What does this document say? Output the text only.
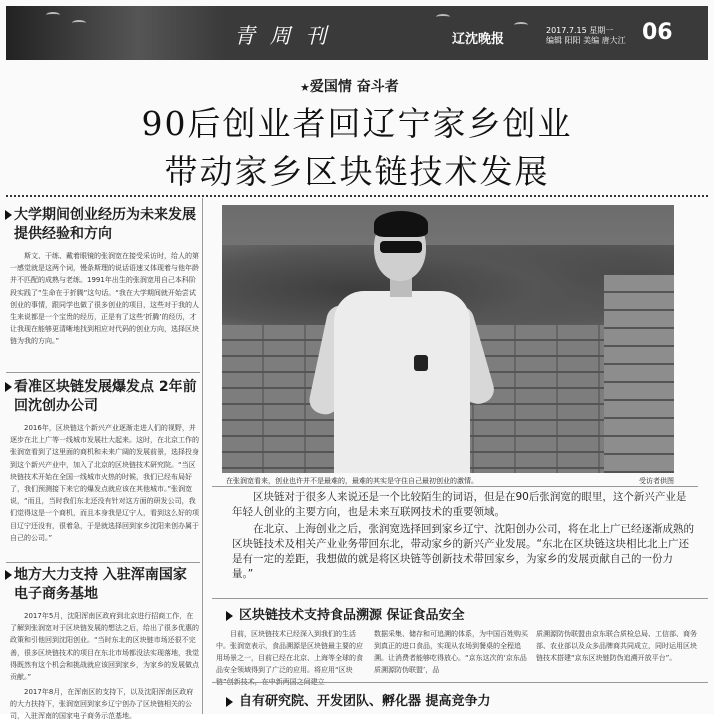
青 周 刊	辽沈晚报
2017.7.15 星期一
编辑 阳阳 美编 唐大江 06
★爱国情 奋斗者
90后创业者回辽宁家乡创业
带动家乡区块链技术发展
大学期间创业经历为未来发展提供经验和方向
斯文、干练、戴着眼镜的张润宽在接受采访时，给人的第一感觉就是这两个词，慢条斯理的说话语速又体现着与他年龄并不匹配的成熟与老练。1991年出生的张润宽用自己本科阶段实践了“生命在于折腾”这句话。“我在大学期间就开始尝试创业的事情，跟同学也做了很多创业的项目，这些对于我的人生来说都是一个宝贵的经历，正是有了这些‘折腾’的经历，才让我现在能够更清晰地找到相应对代码的创业方向，选择区块链为我的方向。”
看准区块链发展爆发点 2年前回沈创办公司
2016年，区块链这个新兴产业逐渐走进人们的视野，并逐步在北上广等一线城市发展壮大起来。这时，在北京工作的张润宽看到了这里面的商机和未来广阔的发展前景，选择投身到这个新兴产业中，加入了北京的区块链技术研究院。“当区块链技术开始在全国一线城市火热的时候，我们已经布局好了，我们预测接下来它的爆发点就应该在其他城市。”张润宽说，“而且，当时我们东北还没有针对这方面的研发公司，我们觉得这是一个商机，而且本身我是辽宁人，看到这么好的项目辽宁还没有，很着急，于是就选择回到家乡沈阳来创办属于自己的公司。”
地方大力支持 入驻浑南国家电子商务基地
2017年5月，沈阳浑南区政府到北京进行招商工作，在了解到张润宽对于区块链发展的想法之后，给出了很多优惠的政策和引他回到沈阳创业。“当时东北的区块链市场还很不完善，很多区块链技术的项目在东北市场都没法实现落地，我觉得既然有这个机会和挑战就应该回到家乡，为家乡的发展做点贡献。”
2017年8月，在浑南区的支持下，以及沈阳浑南区政府的大力扶持下，张润宽回到家乡辽宁创办了区块链相关的公司，入驻浑南的国家电子商务示范基地。
在张润宽看来，创业也许并不是最难的，最难的其实是守住自己最初创业的激情。	受访者供图
区块链对于很多人来说还是一个比较陌生的词语，但是在90后张润宽的眼里，这个新兴产业是年轻人创业的主要方向，也是未来互联网技术的重要领域。
在北京、上海创业之后，张润宽选择回到家乡辽宁、沈阳创办公司，将在北上广已经逐渐成熟的区块链技术及相关产业业务带回东北，带动家乡的新兴产业发展。“东北在区块链这块相比北上广还是有一定的差距，我想做的就是将区块链等创新技术带回家乡，为家乡的发展贡献自己的一份力量。”
区块链技术支持食品溯源 保证食品安全
目前，区块链技术已经深入到我们的生活中。张润宽表示，食品溯源是区块链最主要的应用场景之一，目前已经在北京、上海等全球的食品安全领域得到了广泛的应用。将应用“区块链”创新技术，在中新两国之间建立
数据采集、储存和可追溯的体系，为中国百姓购买到真正的进口食品，实现从农场到餐桌的全程追溯。让消费者能够吃得放心。“京东这次的‘京东品质溯源防伪联盟’，品
质溯源防伪联盟由京东联合质检总局、工信部、商务部、农业部以及众多品牌商共同成立，同时运用区块链技术搭建“京东区块链防伪追溯开放平台”。
自有研究院、开发团队、孵化器 提高竞争力
